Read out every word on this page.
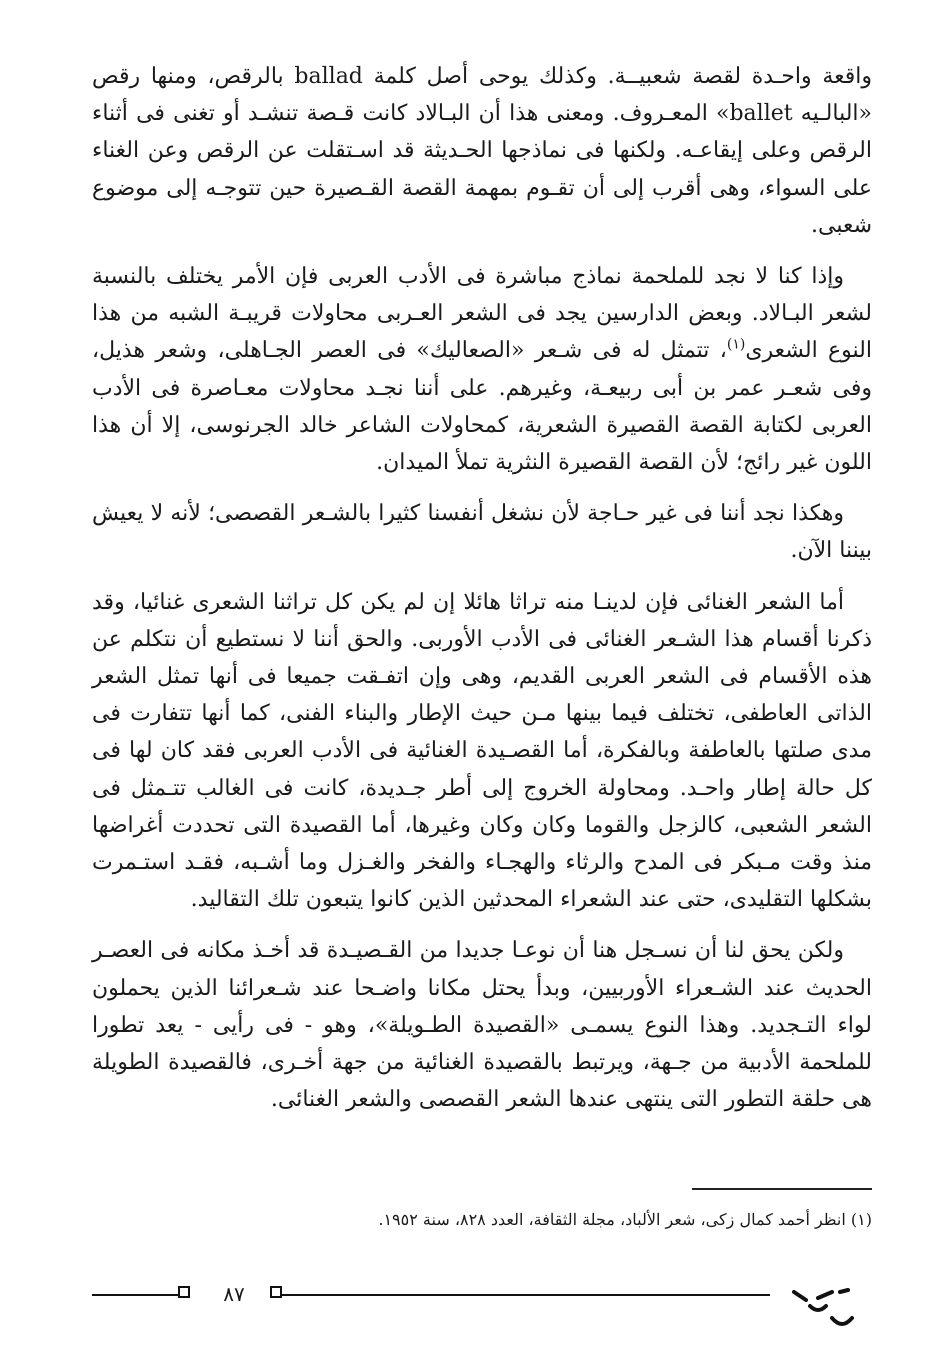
واقعة واحـدة لقصة شعبيــة. وكذلك يوحى أصل كلمة ballad بالرقص، ومنها رقص «البالـيه ballet» المعـروف. ومعنى هذا أن البـالاد كانت قـصة تنشـد أو تغنى فى أثناء الرقص وعلى إيقاعـه. ولكنها فى نماذجها الحـديثة قد اسـتقلت عن الرقص وعن الغناء على السواء، وهى أقرب إلى أن تقـوم بمهمة القصة القـصيرة حين تتوجـه إلى موضوع شعبى.

وإذا كنا لا نجد للملحمة نماذج مباشرة فى الأدب العربى فإن الأمر يختلف بالنسبة لشعر البـالاد. وبعض الدارسين يجد فى الشعر العـربى محاولات قريبـة الشبه من هذا النوع الشعرى$^{(١)}$، تتمثل له فى شـعر «الصعاليك» فى العصر الجـاهلى، وشعر هذيل، وفى شعـر عمر بن أبى ربيعـة، وغيرهم. على أننا نجـد محاولات معـاصرة فى الأدب العربى لكتابة القصة القصيرة الشعرية، كمحاولات الشاعر خالد الجرنوسى، إلا أن هذا اللون غير رائج؛ لأن القصة القصيرة النثرية تملأ الميدان.

وهكذا نجد أننا فى غير حـاجة لأن نشغل أنفسنا كثيرا بالشـعر القصصى؛ لأنه لا يعيش بيننا الآن.

أما الشعر الغنائى فإن لدينـا منه تراثا هائلا إن لم يكن كل تراثنا الشعرى غنائيا، وقد ذكرنا أقسام هذا الشـعر الغنائى فى الأدب الأوربى. والحق أننا لا نستطيع أن نتكلم عن هذه الأقسام فى الشعر العربى القديم، وهى وإن اتفـقت جميعا فى أنها تمثل الشعر الذاتى العاطفى، تختلف فيما بينها مـن حيث الإطار والبناء الفنى، كما أنها تتفارت فى مدى صلتها بالعاطفة وبالفكرة، أما القصـيدة الغنائية فى الأدب العربى فقد كان لها فى كل حالة إطار واحـد. ومحاولة الخروج إلى أطر جـديدة، كانت فى الغالب تتـمثل فى الشعر الشعبى، كالزجل والقوما وكان وكان وغيرها، أما القصيدة التى تحددت أغراضها منذ وقت مـبكر فى المدح والرثاء والهجـاء والفخر والغـزل وما أشـبه، فقـد استـمرت بشكلها التقليدى، حتى عند الشعراء المحدثين الذين كانوا يتبعون تلك التقاليد.

ولكن يحق لنا أن نسـجل هنا أن نوعـا جديدا من القـصيـدة قد أخـذ مكانه فى العصـر الحديث عند الشـعراء الأوربيين، وبدأ يحتل مكانا واضـحا عند شـعرائنا الذين يحملون لواء التـجديد. وهذا النوع يسمـى «القصيدة الطـويلة»، وهو - فى رأيى - يعد تطورا للملحمة الأدبية من جـهة، ويرتبط بالقصيدة الغنائية من جهة أخـرى، فالقصيدة الطويلة هى حلقة التطور التى ينتهى عندها الشعر القصصى والشعر الغنائى.

(١) انظر أحمد كمال زكى، شعر الألباد، مجلة الثقافة، العدد ٨٢٨، سنة ١٩٥٢.
٨٧
